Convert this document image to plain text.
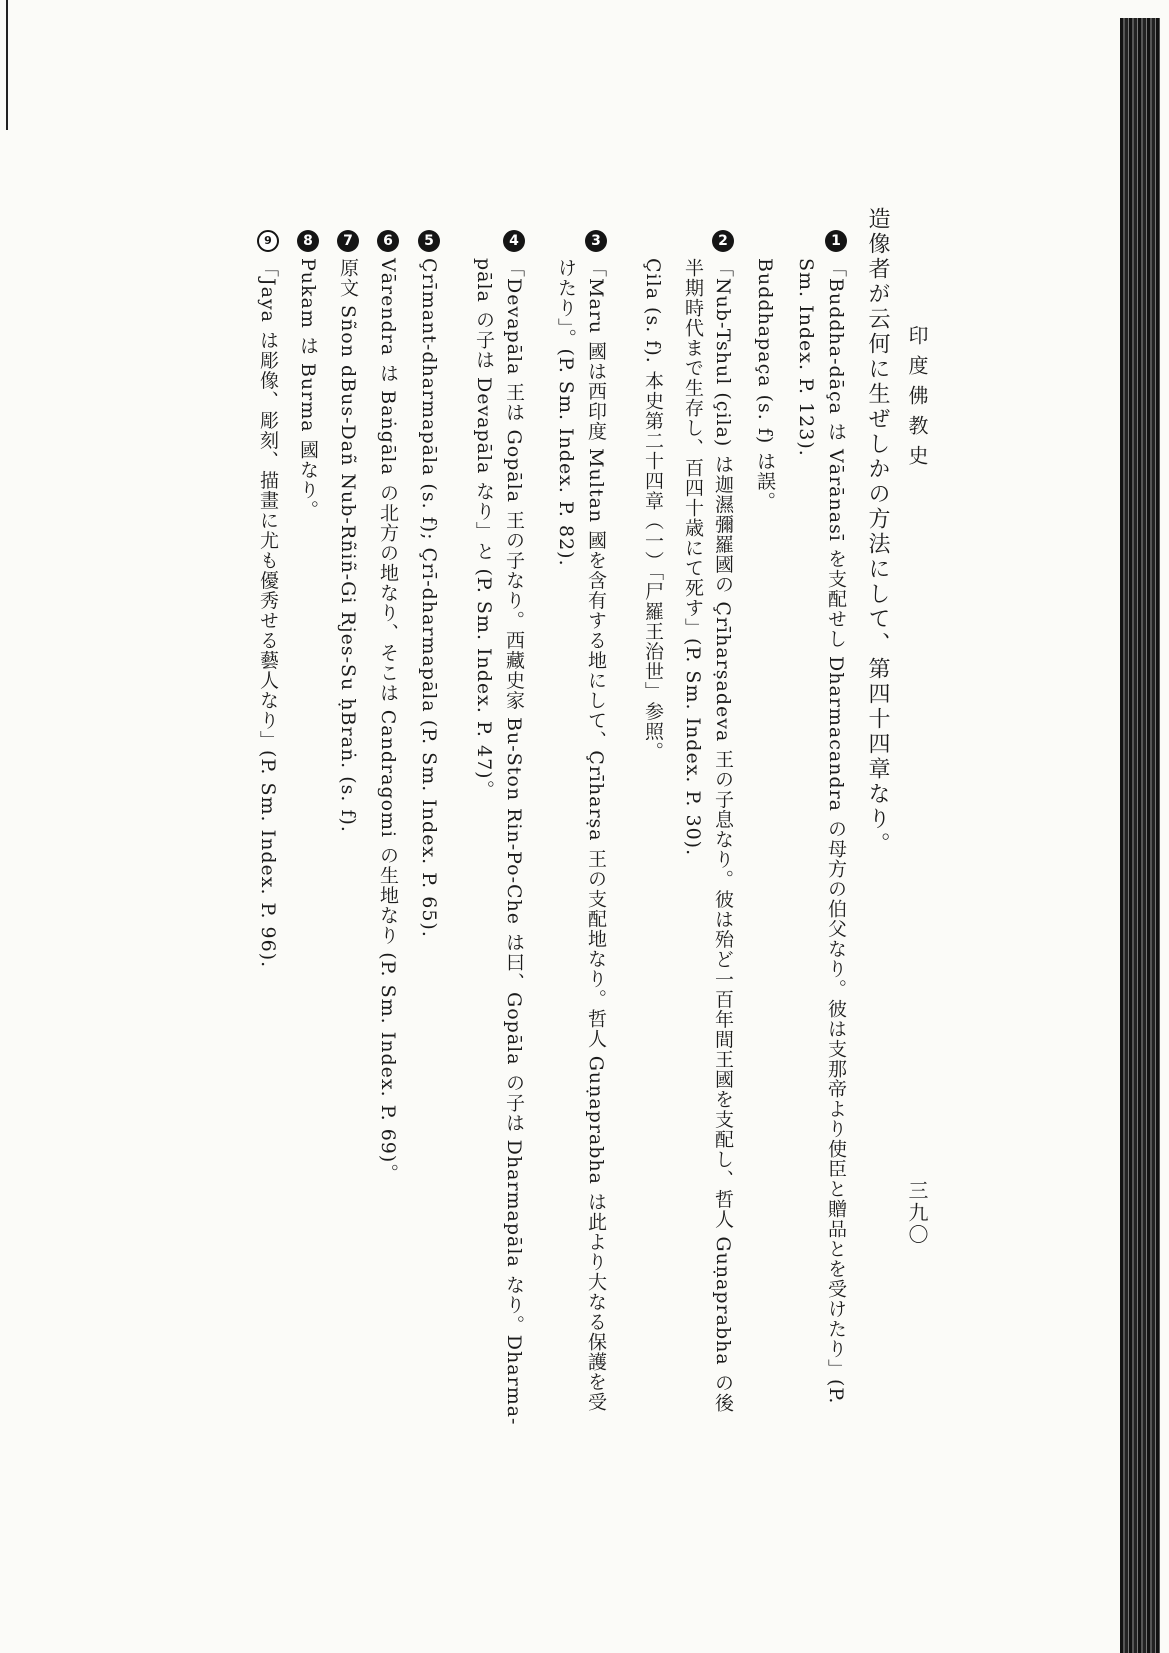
印度佛教史
三九〇
造像者が云何に生ぜしかの方法にして、第四十四章なり。
1
「Buddha-dāça は Vārānasī を支配せし Dharmacandra の母方の伯父なり。彼は支那帝より使臣と贈品とを受けたり」(P.
Sm. Index. P. 123).
Buddhapaça (s. f) は誤。
2
「Nub-Tshul (çila) は迦濕彌羅國の Çrīharṣadeva 王の子息なり。彼は殆ど一百年間王國を支配し、哲人 Guṇaprabha の後
半期時代まで生存し、百四十歳にて死す」(P. Sm. Index. P. 30).
Çila (s. f). 本史第二十四章（一）「尸羅王治世」参照。
3
「Maru 國は西印度 Multan 國を含有する地にして、Çrīharṣa 王の支配地なり。哲人 Guṇaprabha は此より大なる保護を受
けたり」。(P. Sm. Index. P. 82).
4
「Devapāla 王は Gopāla 王の子なり。西藏史家 Bu-Ston Rin-Po-Che は曰、Gopāla の子は Dharmapāla なり。Dharma-
pāla の子は Devapāla なり」と (P. Sm. Index. P. 47)。
5
Çrīmant-dharmapāla (s. f); Çrī-dharmapāla (P. Sm. Index. P. 65).
6
Vārendra は Baṅgāla の北方の地なり、そこは Candragomi の生地なり (P. Sm. Index. P. 69)。
7
原文 Sñon dBus-Dañ Nub-Rñiñ-Gi Rjes-Su ḥBraṅ. (s. f).
8
Pukam は Burma 國なり。
9
「Jaya は彫像、彫刻、描畫に尤も優秀せる藝人なり」(P. Sm. Index. P. 96).
